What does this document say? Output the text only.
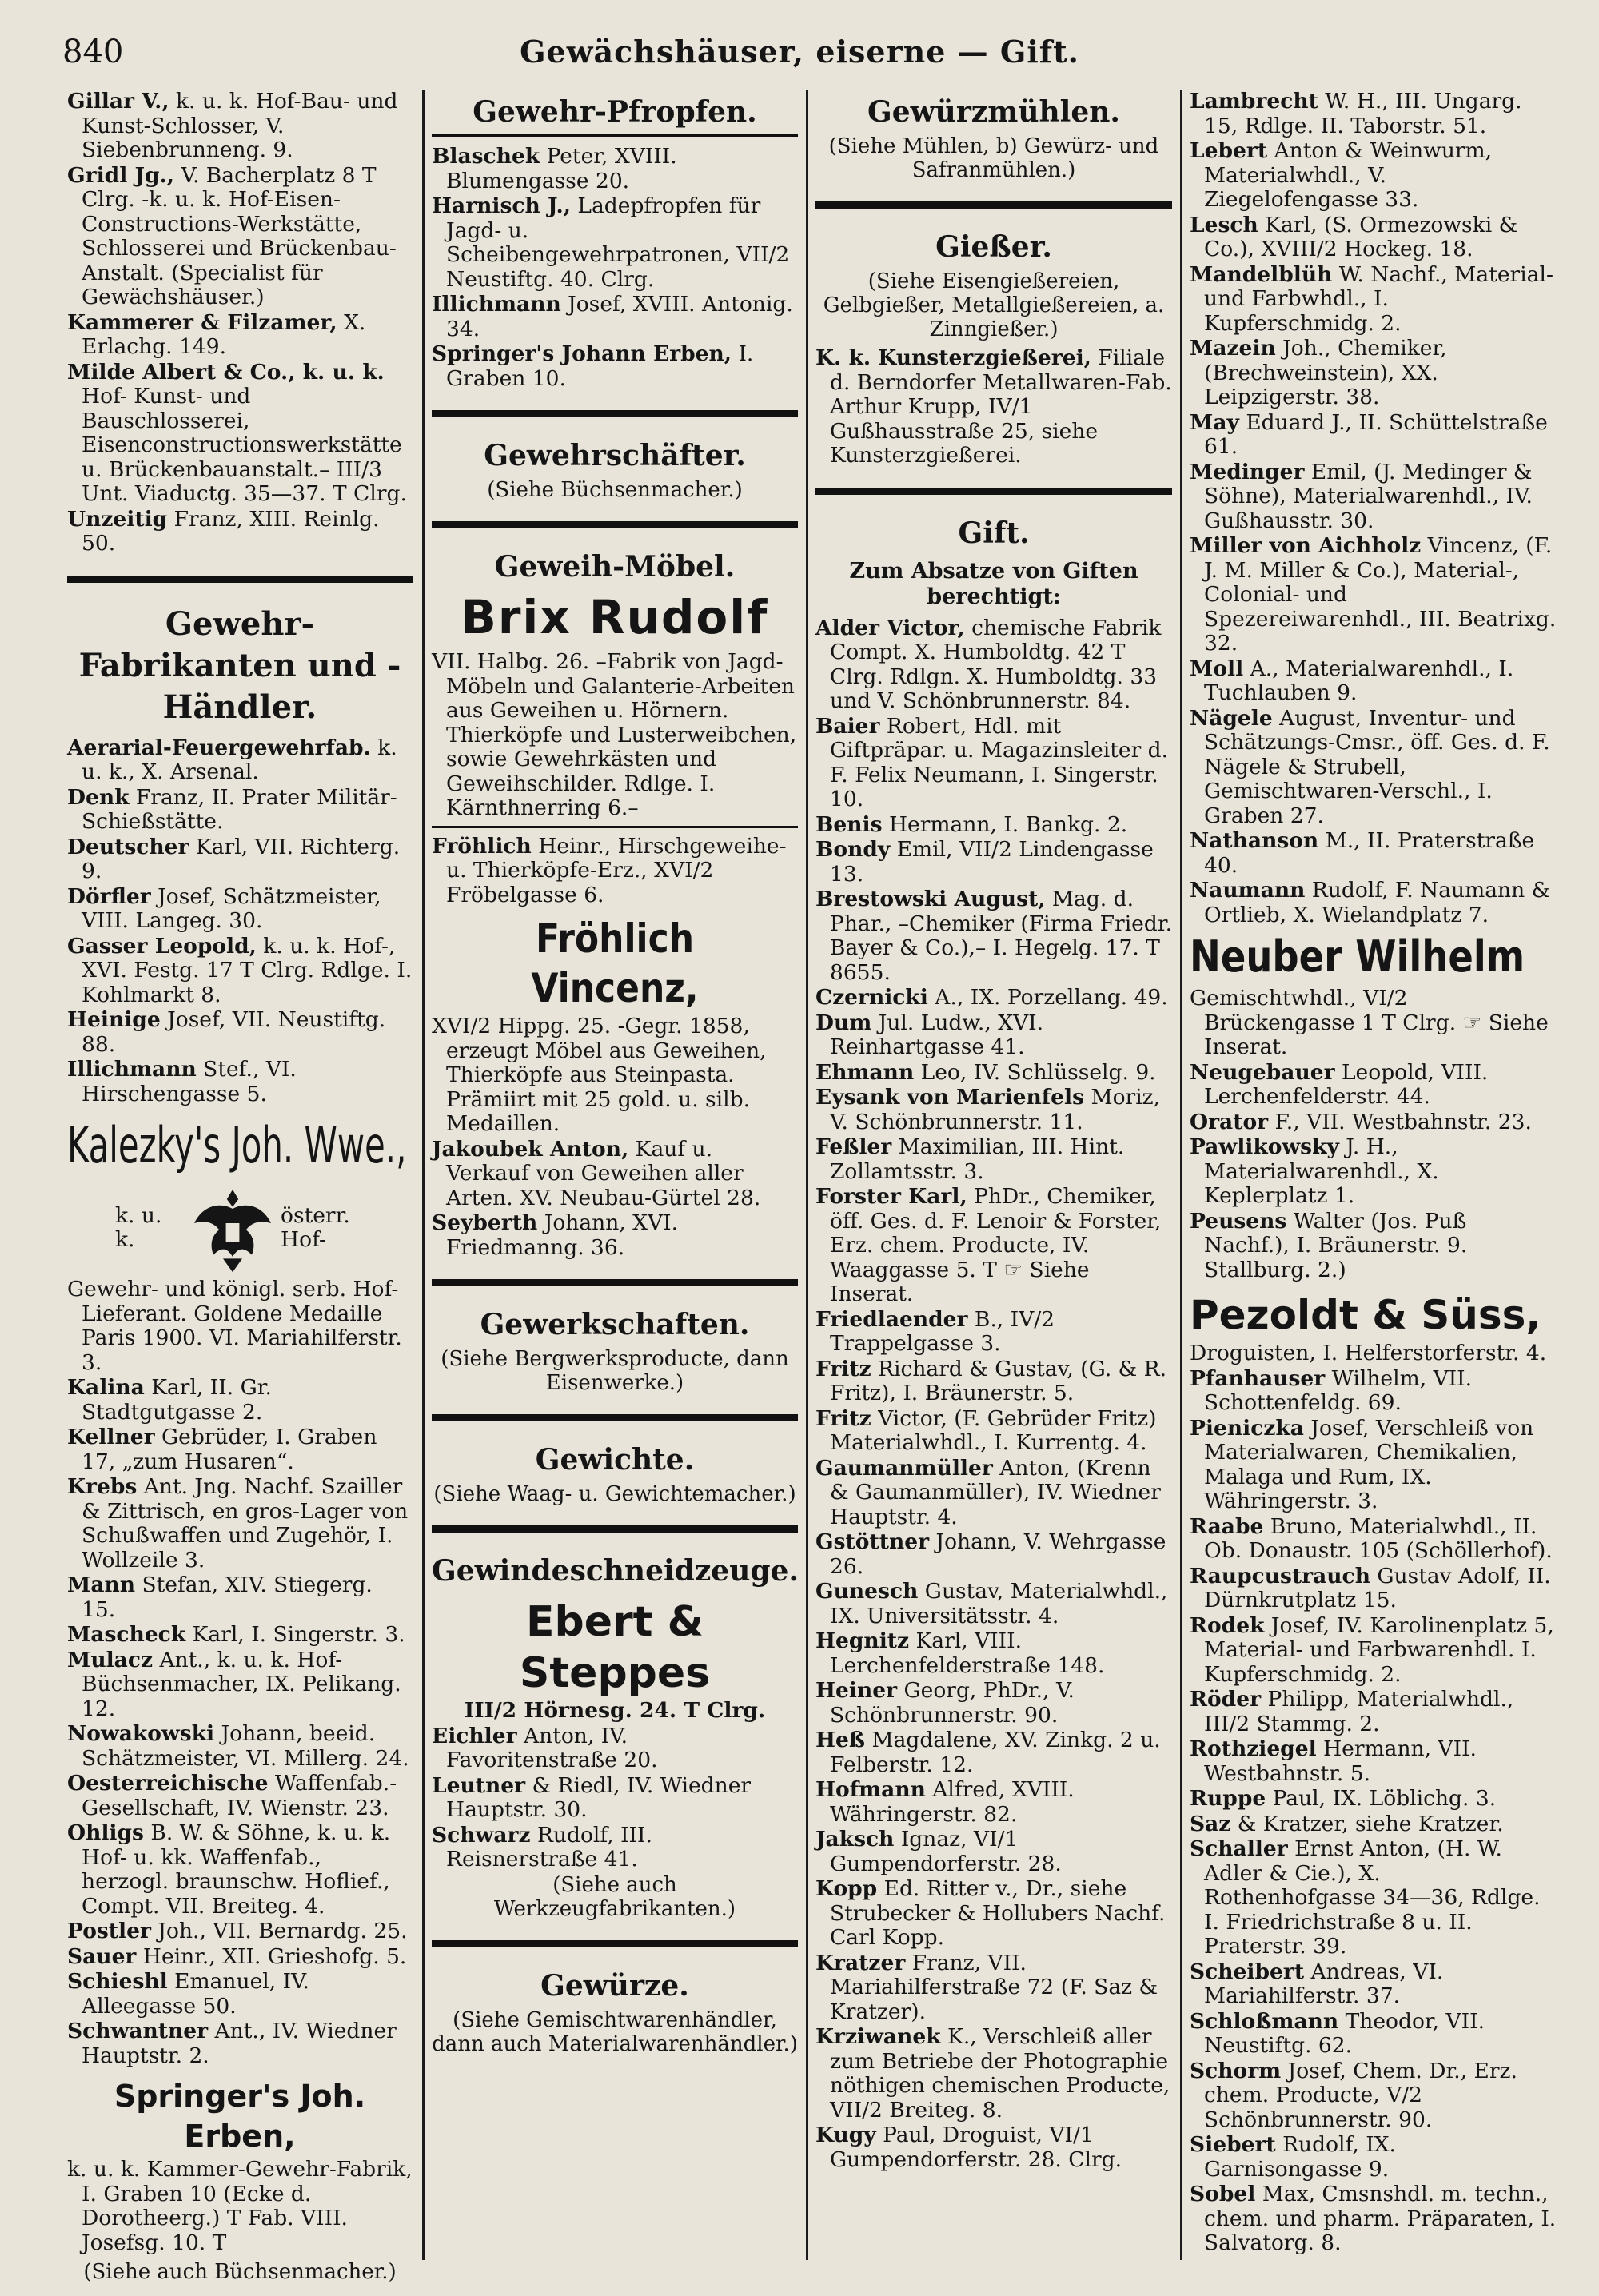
840	Gewächshäuser, eiserne — Gift.
Gillar V., k. u. k. Hof-Bau- und Kunst-Schlosser, V. Siebenbrunneng. 9.
Gridl Jg., V. Bacherplatz 8 T Clrg. -k. u. k. Hof-Eisen-Constructions-Werkstätte, Schlosserei und Brückenbau-Anstalt. (Specialist für Gewächshäuser.)
Kammerer & Filzamer, X. Erlachg. 149.
Milde Albert & Co., k. u. k. Hof- Kunst- und Bauschlosserei, Eisenconstructionswerkstätte u. Brückenbauanstalt.– III/3 Unt. Viaductg. 35—37. T Clrg.
Unzeitig Franz, XIII. Reinlg. 50.
Gewehr-Fabrikanten und -Händler.
Aerarial-Feuergewehrfab. k. u. k., X. Arsenal.
Denk Franz, II. Prater Militär-Schießstätte.
Deutscher Karl, VII. Richterg. 9.
Dörfler Josef, Schätzmeister, VIII. Langeg. 30.
Gasser Leopold, k. u. k. Hof-, XVI. Festg. 17 T Clrg. Rdlge. I. Kohlmarkt 8.
Heinige Josef, VII. Neustiftg. 88.
Illichmann Stef., VI. Hirschengasse 5.
Kalezky's Joh. Wwe.,
k. u. k.
österr. Hof-
Gewehr- und königl. serb. Hof-Lieferant. Goldene Medaille Paris 1900. VI. Mariahilferstr. 3.
Kalina Karl, II. Gr. Stadtgutgasse 2.
Kellner Gebrüder, I. Graben 17, „zum Husaren“.
Krebs Ant. Jng. Nachf. Szailler & Zittrisch, en gros-Lager von Schußwaffen und Zugehör, I. Wollzeile 3.
Mann Stefan, XIV. Stiegerg. 15.
Mascheck Karl, I. Singerstr. 3.
Mulacz Ant., k. u. k. Hof-Büchsenmacher, IX. Pelikang. 12.
Nowakowski Johann, beeid. Schätzmeister, VI. Millerg. 24.
Oesterreichische Waffenfab.-Gesellschaft, IV. Wienstr. 23.
Ohligs B. W. & Söhne, k. u. k. Hof- u. kk. Waffenfab., herzogl. braunschw. Hoflief., Compt. VII. Breiteg. 4.
Postler Joh., VII. Bernardg. 25.
Sauer Heinr., XII. Grieshofg. 5.
Schieshl Emanuel, IV. Alleegasse 50.
Schwantner Ant., IV. Wiedner Hauptstr. 2.
Springer's Joh. Erben,
k. u. k. Kammer-Gewehr-Fabrik, I. Graben 10 (Ecke d. Dorotheerg.) T Fab. VIII. Josefsg. 10. T
(Siehe auch Büchsenmacher.)
Gewehr-Pfropfen.
Blaschek Peter, XVIII. Blumengasse 20.
Harnisch J., Ladepfropfen für Jagd- u. Scheibengewehrpatronen, VII/2 Neustiftg. 40. Clrg.
Illichmann Josef, XVIII. Antonig. 34.
Springer's Johann Erben, I. Graben 10.
Gewehrschäfter.
(Siehe Büchsenmacher.)
Geweih-Möbel.
Brix Rudolf
VII. Halbg. 26. –Fabrik von Jagd-Möbeln und Galanterie-Arbeiten aus Geweihen u. Hörnern. Thierköpfe und Lusterweibchen, sowie Gewehrkästen und Geweihschilder. Rdlge. I. Kärnthnerring 6.–
Fröhlich Heinr., Hirschgeweihe- u. Thierköpfe-Erz., XVI/2 Fröbelgasse 6.
Fröhlich Vincenz,
XVI/2 Hippg. 25. -Gegr. 1858, erzeugt Möbel aus Geweihen, Thierköpfe aus Steinpasta. Prämiirt mit 25 gold. u. silb. Medaillen.
Jakoubek Anton, Kauf u. Verkauf von Geweihen aller Arten. XV. Neubau-Gürtel 28.
Seyberth Johann, XVI. Friedmanng. 36.
Gewerkschaften.
(Siehe Bergwerksproducte, dann Eisenwerke.)
Gewichte.
(Siehe Waag- u. Gewichtemacher.)
Gewindeschneidzeuge.
Ebert & Steppes
III/2 Hörnesg. 24. T Clrg.
Eichler Anton, IV. Favoritenstraße 20.
Leutner & Riedl, IV. Wiedner Hauptstr. 30.
Schwarz Rudolf, III. Reisnerstraße 41.
(Siehe auch Werkzeugfabrikanten.)
Gewürze.
(Siehe Gemischtwarenhändler, dann auch Materialwarenhändler.)
Gewürzmühlen.
(Siehe Mühlen, b) Gewürz- und Safranmühlen.)
Gießer.
(Siehe Eisengießereien, Gelbgießer, Metallgießereien, a. Zinngießer.)
K. k. Kunsterzgießerei, Filiale d. Berndorfer Metallwaren-Fab. Arthur Krupp, IV/1 Gußhausstraße 25, siehe Kunsterzgießerei.
Gift.
Zum Absatze von Giften berechtigt:
Alder Victor, chemische Fabrik Compt. X. Humboldtg. 42 T Clrg. Rdlgn. X. Humboldtg. 33 und V. Schönbrunnerstr. 84.
Baier Robert, Hdl. mit Giftpräpar. u. Magazinsleiter d. F. Felix Neumann, I. Singerstr. 10.
Benis Hermann, I. Bankg. 2.
Bondy Emil, VII/2 Lindengasse 13.
Brestowski August, Mag. d. Phar., –Chemiker (Firma Friedr. Bayer & Co.),– I. Hegelg. 17. T 8655.
Czernicki A., IX. Porzellang. 49.
Dum Jul. Ludw., XVI. Reinhartgasse 41.
Ehmann Leo, IV. Schlüsselg. 9.
Eysank von Marienfels Moriz, V. Schönbrunnerstr. 11.
Feßler Maximilian, III. Hint. Zollamtsstr. 3.
Forster Karl, PhDr., Chemiker, öff. Ges. d. F. Lenoir & Forster, Erz. chem. Producte, IV. Waaggasse 5. T ☞ Siehe Inserat.
Friedlaender B., IV/2 Trappelgasse 3.
Fritz Richard & Gustav, (G. & R. Fritz), I. Bräunerstr. 5.
Fritz Victor, (F. Gebrüder Fritz) Materialwhdl., I. Kurrentg. 4.
Gaumanmüller Anton, (Krenn & Gaumanmüller), IV. Wiedner Hauptstr. 4.
Gstöttner Johann, V. Wehrgasse 26.
Gunesch Gustav, Materialwhdl., IX. Universitätsstr. 4.
Hegnitz Karl, VIII. Lerchenfelderstraße 148.
Heiner Georg, PhDr., V. Schönbrunnerstr. 90.
Heß Magdalene, XV. Zinkg. 2 u. Felberstr. 12.
Hofmann Alfred, XVIII. Währingerstr. 82.
Jaksch Ignaz, VI/1 Gumpendorferstr. 28.
Kopp Ed. Ritter v., Dr., siehe Strubecker & Hollubers Nachf. Carl Kopp.
Kratzer Franz, VII. Mariahilferstraße 72 (F. Saz & Kratzer).
Krziwanek K., Verschleiß aller zum Betriebe der Photographie nöthigen chemischen Producte, VII/2 Breiteg. 8.
Kugy Paul, Droguist, VI/1 Gumpendorferstr. 28. Clrg.
Lambrecht W. H., III. Ungarg. 15, Rdlge. II. Taborstr. 51.
Lebert Anton & Weinwurm, Materialwhdl., V. Ziegelofengasse 33.
Lesch Karl, (S. Ormezowski & Co.), XVIII/2 Hockeg. 18.
Mandelblüh W. Nachf., Material- und Farbwhdl., I. Kupferschmidg. 2.
Mazein Joh., Chemiker, (Brechweinstein), XX. Leipzigerstr. 38.
May Eduard J., II. Schüttelstraße 61.
Medinger Emil, (J. Medinger & Söhne), Materialwarenhdl., IV. Gußhausstr. 30.
Miller von Aichholz Vincenz, (F. J. M. Miller & Co.), Material-, Colonial- und Spezereiwarenhdl., III. Beatrixg. 32.
Moll A., Materialwarenhdl., I. Tuchlauben 9.
Nägele August, Inventur- und Schätzungs-Cmsr., öff. Ges. d. F. Nägele & Strubell, Gemischtwaren-Verschl., I. Graben 27.
Nathanson M., II. Praterstraße 40.
Naumann Rudolf, F. Naumann & Ortlieb, X. Wielandplatz 7.
Neuber Wilhelm
Gemischtwhdl., VI/2 Brückengasse 1 T Clrg. ☞ Siehe Inserat.
Neugebauer Leopold, VIII. Lerchenfelderstr. 44.
Orator F., VII. Westbahnstr. 23.
Pawlikowsky J. H., Materialwarenhdl., X. Keplerplatz 1.
Peusens Walter (Jos. Puß Nachf.), I. Bräunerstr. 9. Stallburg. 2.)
Pezoldt & Süss,
Droguisten, I. Helferstorferstr. 4.
Pfanhauser Wilhelm, VII. Schottenfeldg. 69.
Pieniczka Josef, Verschleiß von Materialwaren, Chemikalien, Malaga und Rum, IX. Währingerstr. 3.
Raabe Bruno, Materialwhdl., II. Ob. Donaustr. 105 (Schöllerhof).
Raupcustrauch Gustav Adolf, II. Dürnkrutplatz 15.
Rodek Josef, IV. Karolinenplatz 5, Material- und Farbwarenhdl. I. Kupferschmidg. 2.
Röder Philipp, Materialwhdl., III/2 Stammg. 2.
Rothziegel Hermann, VII. Westbahnstr. 5.
Ruppe Paul, IX. Löblichg. 3.
Saz & Kratzer, siehe Kratzer.
Schaller Ernst Anton, (H. W. Adler & Cie.), X. Rothenhofgasse 34—36, Rdlge. I. Friedrichstraße 8 u. II. Praterstr. 39.
Scheibert Andreas, VI. Mariahilferstr. 37.
Schloßmann Theodor, VII. Neustiftg. 62.
Schorm Josef, Chem. Dr., Erz. chem. Producte, V/2 Schönbrunnerstr. 90.
Siebert Rudolf, IX. Garnisongasse 9.
Sobel Max, Cmsnshdl. m. techn., chem. und pharm. Präparaten, I. Salvatorg. 8.
